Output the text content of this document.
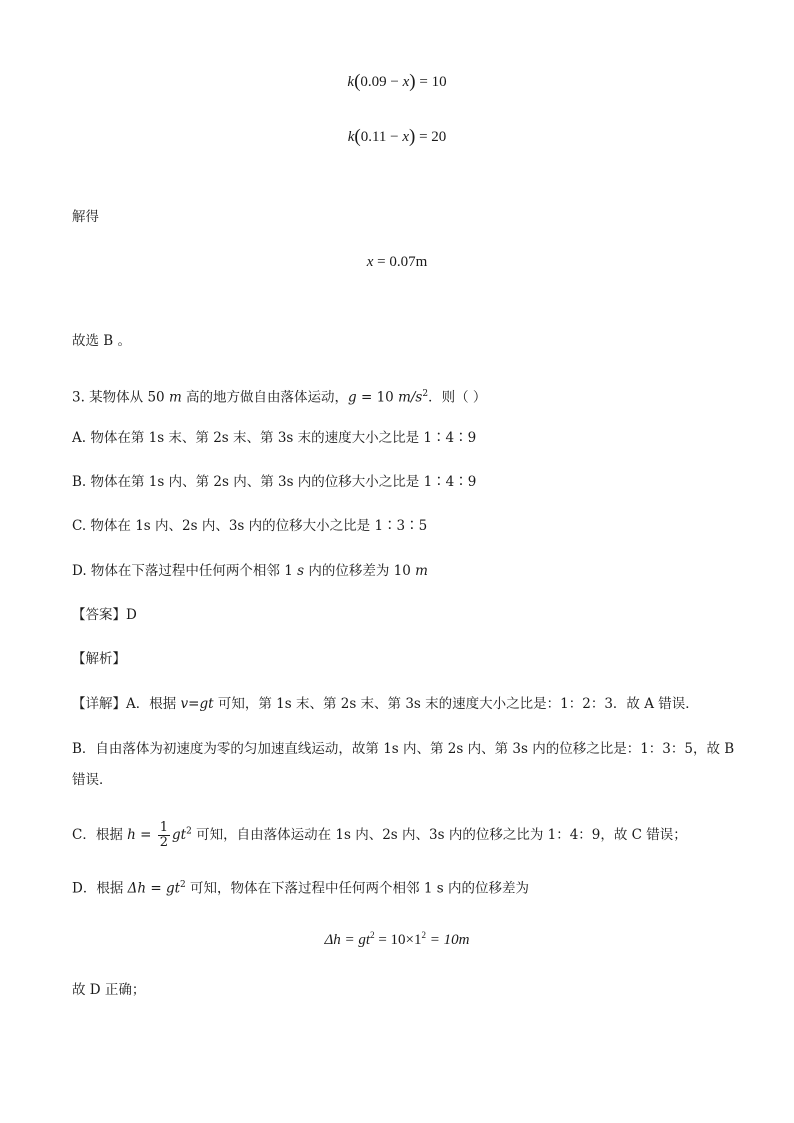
k(0.09 − x) = 10
k(0.11 − x) = 20
解得
x = 0.07m
故选 B 。
3. 某物体从 50 m 高的地方做自由落体运动，g = 10 $m/s^2$．则（ ）
A. 物体在第 1s 末、第 2s 末、第 3s 末的速度大小之比是 1∶4∶9
B. 物体在第 1s 内、第 2s 内、第 3s 内的位移大小之比是 1∶4∶9
C. 物体在 1s 内、2s 内、3s 内的位移大小之比是 1∶3∶5
D. 物体在下落过程中任何两个相邻 1 s 内的位移差为 10 m
【答案】D
【解析】
【详解】A．根据 v=gt 可知，第 1s 末、第 2s 末、第 3s 末的速度大小之比是：1：2：3．故 A 错误．
B．自由落体为初速度为零的匀加速直线运动，故第 1s 内、第 2s 内、第 3s 内的位移之比是：1：3：5，故 B
错误．
C．根据 $h = \frac{1}{2} gt^2$ 可知，自由落体运动在 1s 内、2s 内、3s 内的位移之比为 1：4：9，故 C 错误；
D．根据 $\Delta h = gt^2$ 可知，物体在下落过程中任何两个相邻 1 s 内的位移差为
$\Delta h = gt^2 = 10\times 1^2 = 10m$
故 D 正确；
